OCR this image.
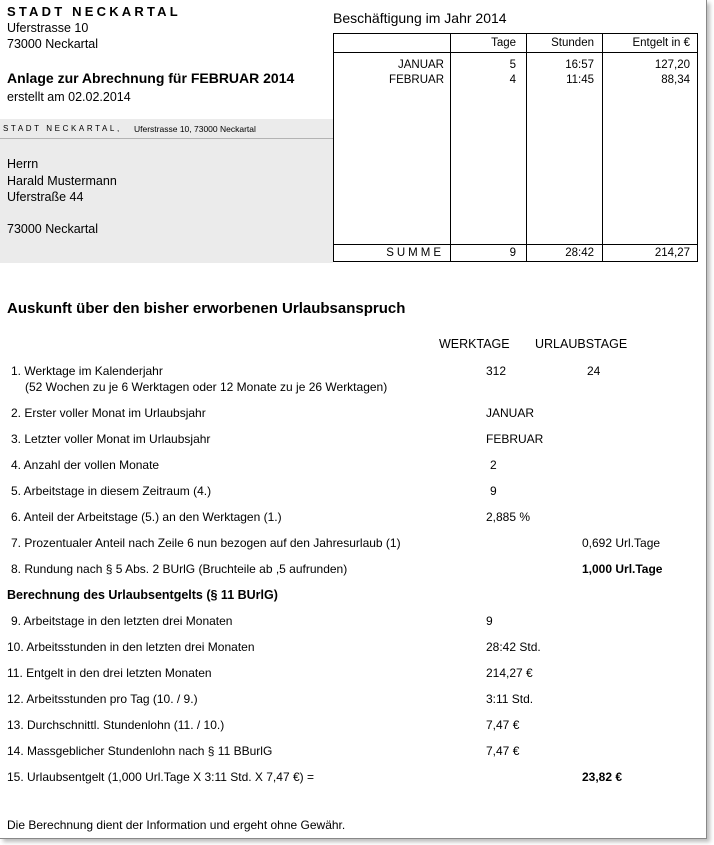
STADT NECKARTAL
Uferstrasse 10
73000 Neckartal
Anlage zur Abrechnung für FEBRUAR 2014
erstellt am 02.02.2014
STADT NECKARTAL, Uferstrasse 10, 73000 Neckartal
Herrn
Harald Mustermann
Uferstraße 44
73000 Neckartal
Beschäftigung im Jahr 2014
Tage	Stunden	Entgelt in €
JANUAR	5	16:57	127,20
FEBRUAR	4	11:45	88,34
SUMME	9	28:42	214,27
Auskunft über den bisher erworbenen Urlaubsanspruch
WERKTAGE URLAUBSTAGE
1. Werktage im Kalenderjahr
(52 Wochen zu je 6 Werktagen oder 12 Monate zu je 26 Werktagen)
312	24
2. Erster voller Monat im Urlaubsjahr	JANUAR
3. Letzter voller Monat im Urlaubsjahr	FEBRUAR
4. Anzahl der vollen Monate	2
5. Arbeitstage in diesem Zeitraum (4.)	9
6. Anteil der Arbeitstage (5.) an den Werktagen (1.)	2,885 %
7. Prozentualer Anteil nach Zeile 6 nun bezogen auf den Jahresurlaub (1)	0,692 Url.Tage
8. Rundung nach § 5 Abs. 2 BUrlG (Bruchteile ab ,5 aufrunden)	1,000 Url.Tage
Berechnung des Urlaubsentgelts (§ 11 BUrlG)
9. Arbeitstage in den letzten drei Monaten	9
10. Arbeitsstunden in den letzten drei Monaten	28:42 Std.
11. Entgelt in den drei letzten Monaten	214,27 €
12. Arbeitsstunden pro Tag (10. / 9.)	3:11 Std.
13. Durchschnittl. Stundenlohn (11. / 10.)	7,47 €
14. Massgeblicher Stundenlohn nach § 11 BBurlG	7,47 €
15. Urlaubsentgelt (1,000 Url.Tage X 3:11 Std. X 7,47 €) =	23,82 €
Die Berechnung dient der Information und ergeht ohne Gewähr.
